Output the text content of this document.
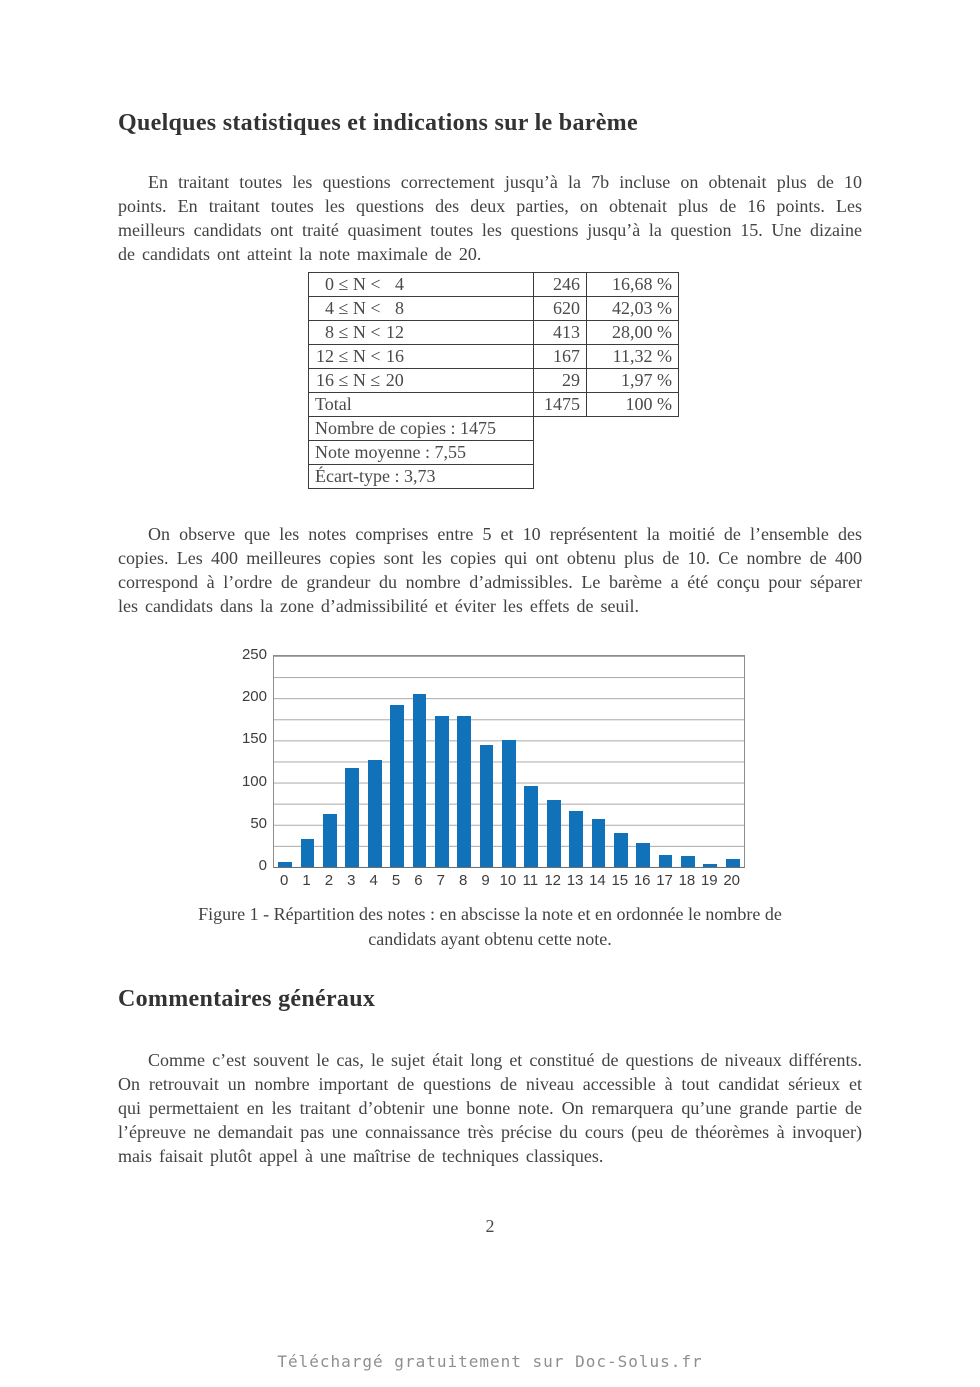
Quelques statistiques et indications sur le barème

En traitant toutes les questions correctement jusqu’à la 7b incluse on obtenait plus de 10 points. En traitant toutes les questions des deux parties, on obtenait plus de 16 points. Les meilleurs candidats ont traité quasiment toutes les questions jusqu’à la question 15. Une dizaine de candidats ont atteint la note maximale de 20.

0 ≤ N < 4	246	16,68 %
4 ≤ N < 8	620	42,03 %
8 ≤ N < 12	413	28,00 %
12 ≤ N < 16	167	11,32 %
16 ≤ N ≤ 20	29	1,97 %
Total	1475	100 %
Nombre de copies : 1475		
Note moyenne : 7,55		
Écart-type : 3,73		

On observe que les notes comprises entre 5 et 10 représentent la moitié de l’ensemble des copies. Les 400 meilleures copies sont les copies qui ont obtenu plus de 10. Ce nombre de 400 correspond à l’ordre de grandeur du nombre d’admissibles. Le barème a été conçu pour séparer les candidats dans la zone d’admissibilité et éviter les effets de seuil.

0 1 2 3 4 5 6 7 8 9 10 11 12 13 14 15 16 17 18 19 20
0
50
100
150
200
250
Figure 1 - Répartition des notes : en abscisse la note et en ordonnée le nombre de
candidats ayant obtenu cette note.
Commentaires généraux

Comme c’est souvent le cas, le sujet était long et constitué de questions de niveaux différents. On retrouvait un nombre important de questions de niveau accessible à tout candidat sérieux et qui permettaient en les traitant d’obtenir une bonne note. On remarquera qu’une grande partie de l’épreuve ne demandait pas une connaissance très précise du cours (peu de théorèmes à invoquer) mais faisait plutôt appel à une maîtrise de techniques classiques.

2
Téléchargé gratuitement sur Doc-Solus.fr
